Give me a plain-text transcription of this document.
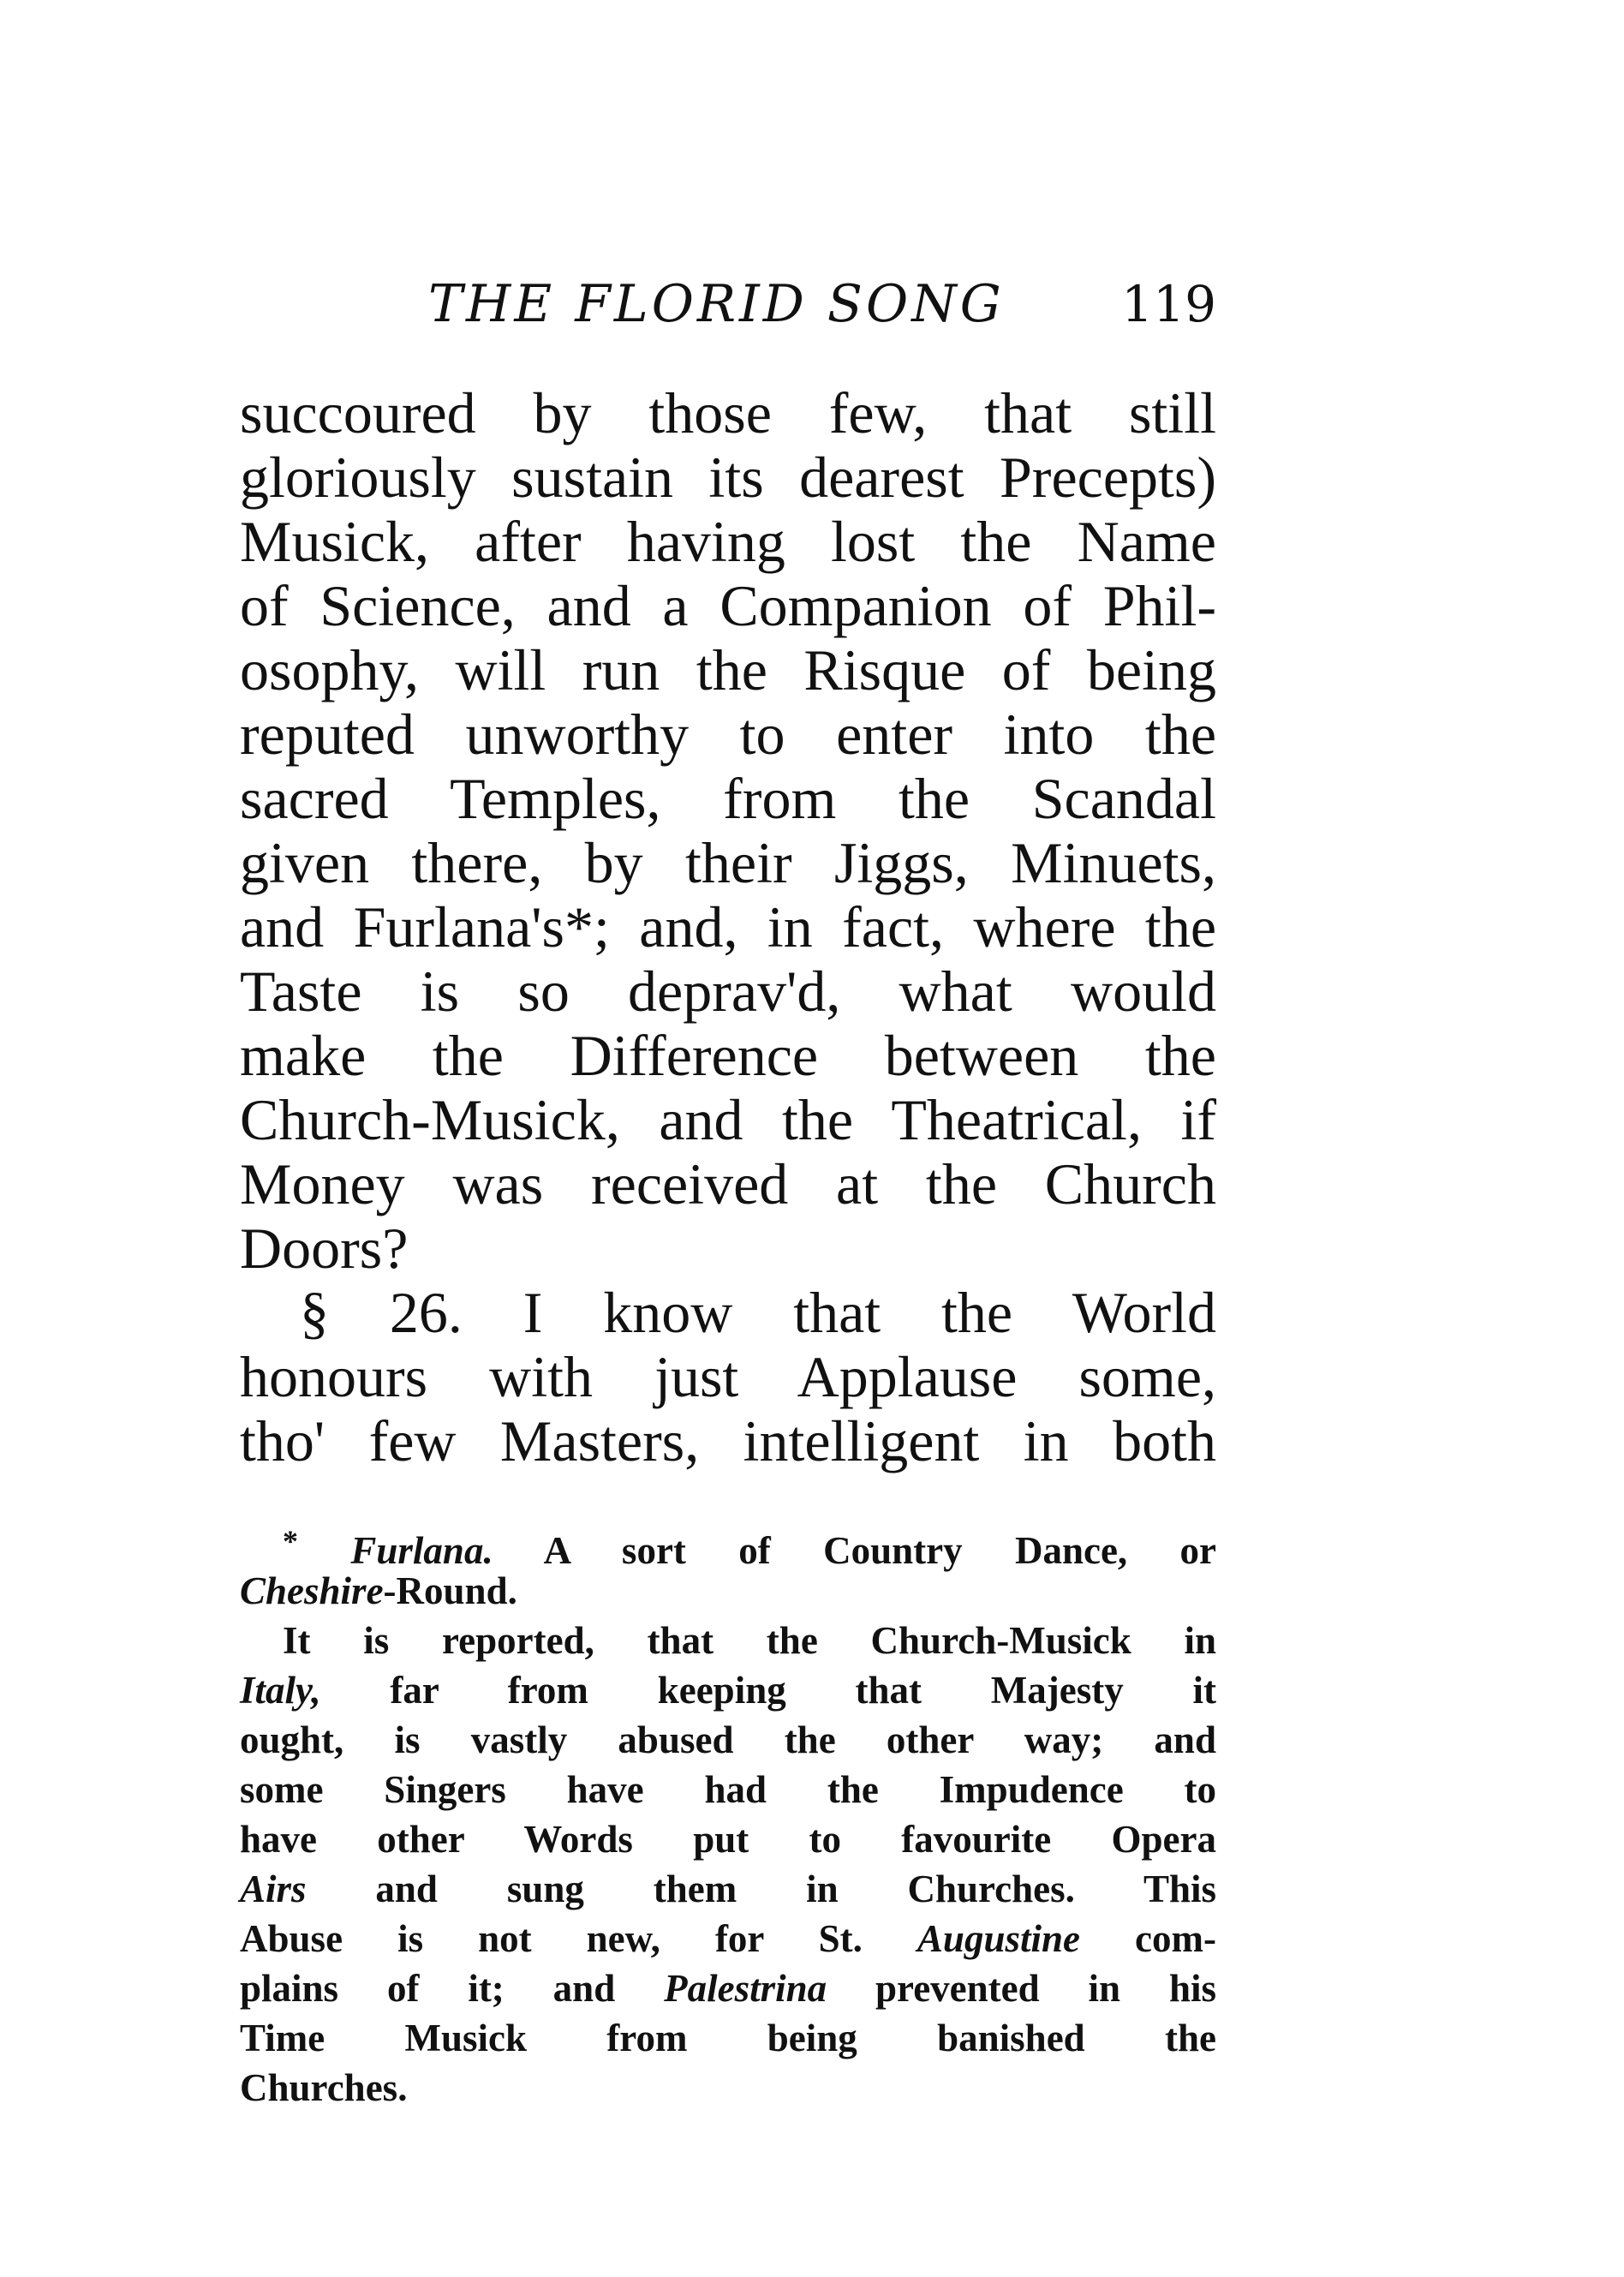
THE FLORID SONG 119
succoured by those few, that still
gloriously sustain its dearest Precepts)
Musick, after having lost the Name
of Science, and a Companion of Phil-
osophy, will run the Risque of being
reputed unworthy to enter into the
sacred Temples, from the Scandal
given there, by their Jiggs, Minuets,
and Furlana's*; and, in fact, where the
Taste is so deprav'd, what would
make the Difference between the
Church-Musick, and the Theatrical, if
Money was received at the Church
Doors?
§ 26. I know that the World
honours with just Applause some,
tho' few Masters, intelligent in both
* Furlana. A sort of Country Dance, or
Cheshire-Round.
It is reported, that the Church-Musick in
Italy, far from keeping that Majesty it
ought, is vastly abused the other way; and
some Singers have had the Impudence to
have other Words put to favourite Opera
Airs and sung them in Churches. This
Abuse is not new, for St. Augustine com-
plains of it; and Palestrina prevented in his
Time Musick from being banished the
Churches.
